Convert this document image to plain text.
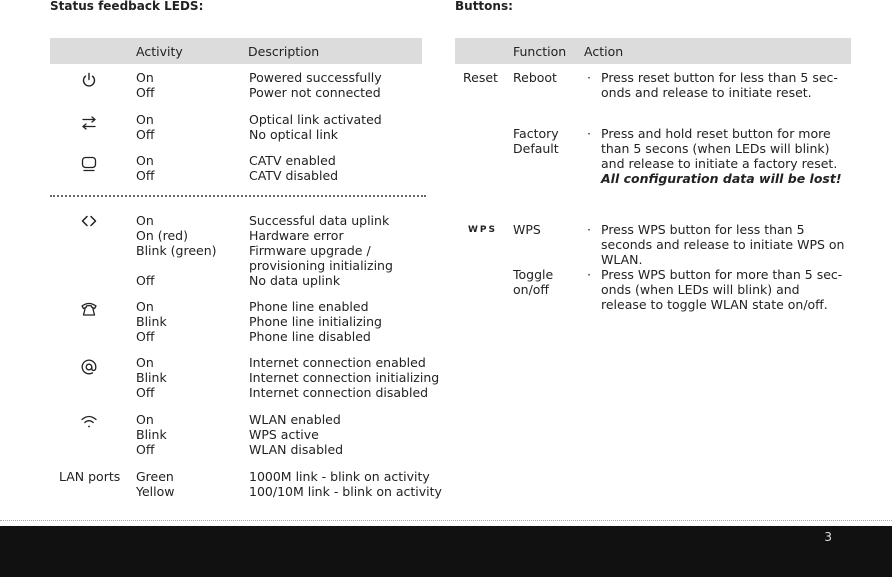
Status feedback LEDS:
Activity	Description
On
Off
Powered successfully
Power not connected
On
Off
Optical link activated
No optical link
On
Off
CATV enabled
CATV disabled
On
On (red)
Blink (green)

Off
Successful data uplink
Hardware error
Firmware upgrade /
provisioning initializing
No data uplink
On
Blink
Off
Phone line enabled
Phone line initializing
Phone line disabled
On
Blink
Off
Internet connection enabled
Internet connection initializing
Internet connection disabled
On
Blink
Off
WLAN enabled
WPS active
WLAN disabled
LAN ports Green
Yellow
1000M link - blink on activity
100/10M link - blink on activity
Buttons:
Function Action
Reset Reboot · Press reset button for less than 5 sec-onds and release to initiate reset.
Factory
Default
· Press and hold reset button for more than 5 secons (when LEDs will blink) and release to initiate a factory reset.
All configuration data will be lost!
WPS WPS	· Press WPS button for less than 5 seconds and release to initiate WPS on WLAN.
Toggle
on/off
· Press WPS button for more than 5 sec-onds (when LEDs will blink) and release to toggle WLAN state on/off.
3
